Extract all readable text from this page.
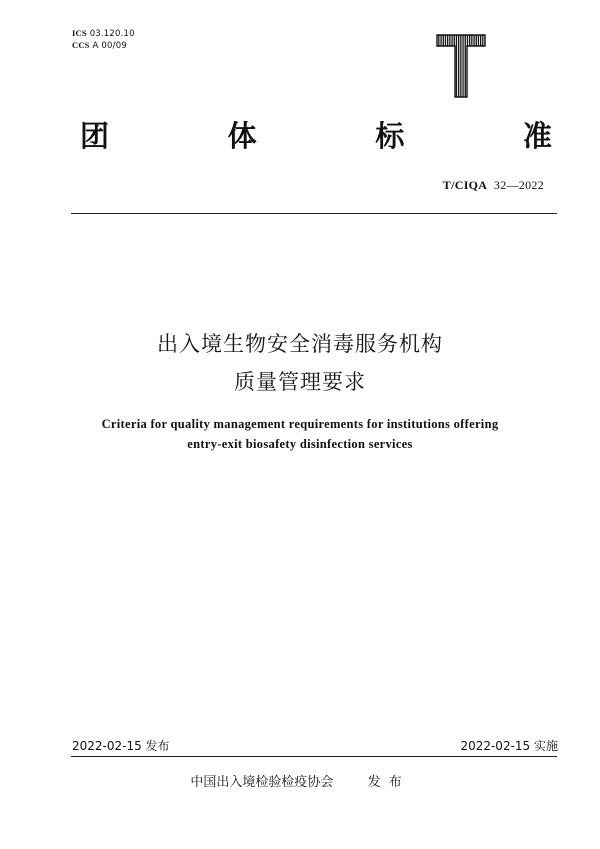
ICS 03.120.10
CCS A 00/09
团	体	标	准
T/CIQA 32—2022
出入境生物安全消毒服务机构
质量管理要求
Criteria for quality management requirements for institutions offering
entry-exit biosafety disinfection services
2022-02-15 发布	2022-02-15 实施
中国出入境检验检疫协会	发布
